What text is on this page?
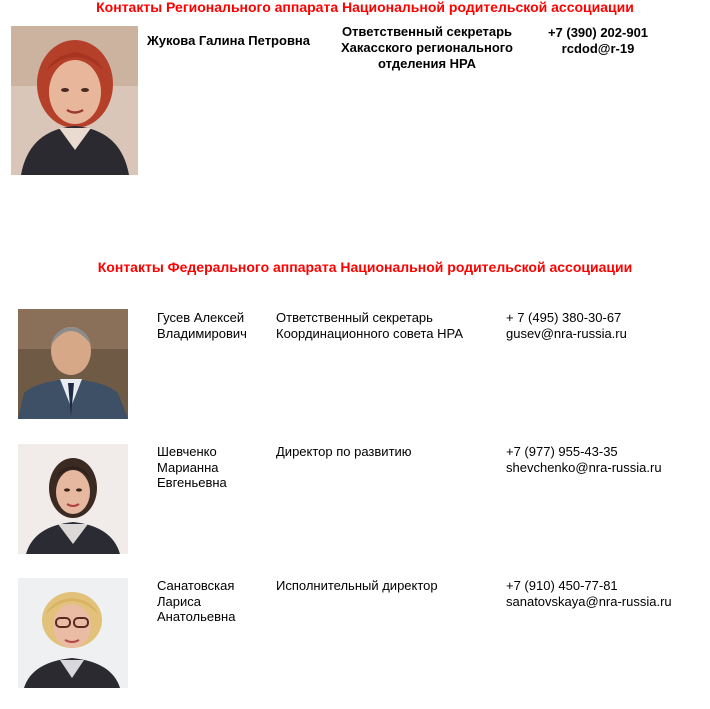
Контакты Регионального аппарата Национальной родительской ассоциации
Жукова Галина Петровна
Ответственный секретарь Хакасского регионального отделения НРА
+7 (390) 202-901
rcdod@r-19
Контакты Федерального аппарата Национальной родительской ассоциации
Гусев Алексей
Владимирович
Ответственный секретарь
Координационного совета НРА
+ 7 (495) 380-30-67
gusev@nra-russia.ru
Шевченко
Марианна
Евгеньевна
Директор по развитию	+7 (977) 955-43-35
shevchenko@nra-russia.ru
Санатовская
Лариса
Анатольевна
Исполнительный директор	+7 (910) 450-77-81
sanatovskaya@nra-russia.ru
